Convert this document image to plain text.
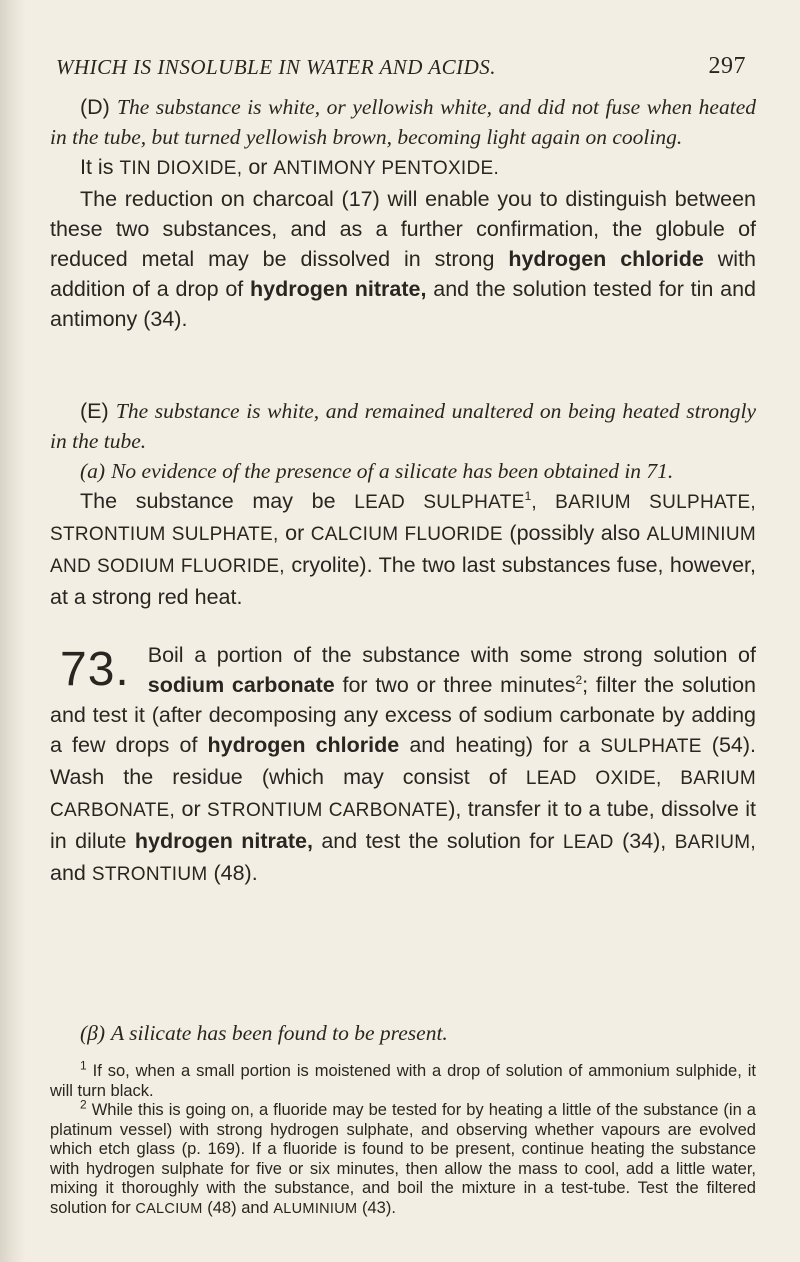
WHICH IS INSOLUBLE IN WATER AND ACIDS.	297

(D) The substance is white, or yellowish white, and did not fuse when heated in the tube, but turned yellowish brown, becoming light again on cooling.

It is TIN DIOXIDE, or ANTIMONY PENTOXIDE.

The reduction on charcoal (17) will enable you to distinguish between these two substances, and as a further confirmation, the globule of reduced metal may be dissolved in strong hydrogen chloride with addition of a drop of hydrogen nitrate, and the solution tested for tin and antimony (34).

(E) The substance is white, and remained unaltered on being heated strongly in the tube.

(a) No evidence of the presence of a silicate has been obtained in 71.

The substance may be LEAD SULPHATE$^1$, BARIUM SULPHATE, STRONTIUM SULPHATE, or CALCIUM FLUORIDE (possibly also ALUMINIUM AND SODIUM FLUORIDE, cryolite). The two last substances fuse, however, at a strong red heat.

73. Boil a portion of the substance with some strong solution of sodium carbonate for two or three minutes$^2$; filter the solution and test it (after decomposing any excess of sodium carbonate by adding a few drops of hydrogen chloride and heating) for a SULPHATE (54). Wash the residue (which may consist of LEAD OXIDE, BARIUM CARBONATE, or STRONTIUM CARBONATE), transfer it to a tube, dissolve it in dilute hydrogen nitrate, and test the solution for LEAD (34), BARIUM, and STRONTIUM (48).

(β) A silicate has been found to be present.

$^1$ If so, when a small portion is moistened with a drop of solution of ammonium sulphide, it will turn black.

$^2$ While this is going on, a fluoride may be tested for by heating a little of the substance (in a platinum vessel) with strong hydrogen sulphate, and observing whether vapours are evolved which etch glass (p. 169). If a fluoride is found to be present, continue heating the substance with hydrogen sulphate for five or six minutes, then allow the mass to cool, add a little water, mixing it thoroughly with the substance, and boil the mixture in a test-tube. Test the filtered solution for CALCIUM (48) and ALUMINIUM (43).
